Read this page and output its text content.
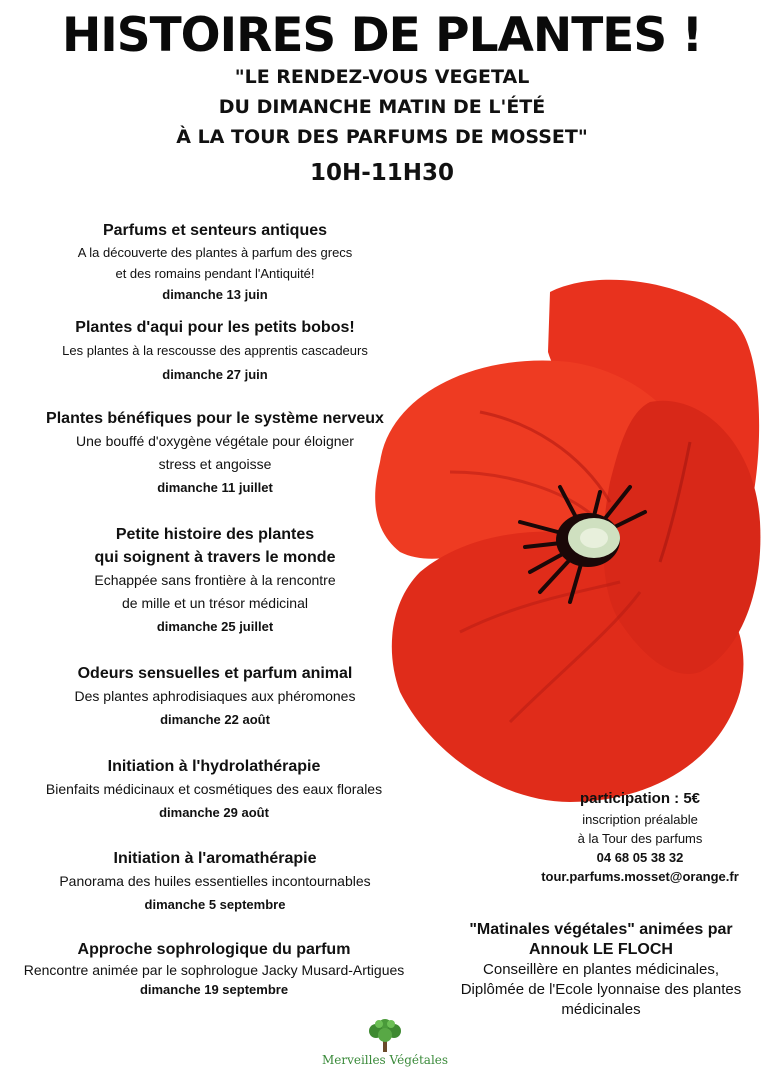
HISTOIRES DE PLANTES !
"LE RENDEZ-VOUS VEGETAL
DU DIMANCHE MATIN DE L'ÉTÉ
À LA TOUR DES PARFUMS DE MOSSET"
10H-11H30
Parfums et senteurs antiques
A la découverte des plantes à parfum des grecs
et des romains pendant l'Antiquité!
dimanche 13 juin
Plantes d'aqui pour les petits bobos!
Les plantes à la rescousse des apprentis cascadeurs
dimanche 27 juin
Plantes bénéfiques pour le système nerveux
Une bouffé d'oxygène végétale pour éloigner
stress et angoisse
dimanche 11 juillet
Petite histoire des plantes
qui soignent à travers le monde
Echappée sans frontière à la rencontre
de mille et un trésor médicinal
dimanche 25 juillet
Odeurs sensuelles et parfum animal
Des plantes aphrodisiaques aux phéromones
dimanche 22 août
Initiation à l'hydrolathérapie
Bienfaits médicinaux et cosmétiques des eaux florales
dimanche 29 août
Initiation à l'aromathérapie
Panorama des huiles essentielles incontournables
dimanche 5 septembre
Approche sophrologique du parfum
Rencontre animée par le sophrologue Jacky Musard-Artigues
dimanche 19 septembre
participation : 5€
inscription préalable
à la Tour des parfums
04 68 05 38 32
tour.parfums.mosset@orange.fr
"Matinales végétales" animées par
Annouk LE FLOCH
Conseillère en plantes médicinales,
Diplômée de l'Ecole lyonnaise des plantes
médicinales
Merveilles Végétales
